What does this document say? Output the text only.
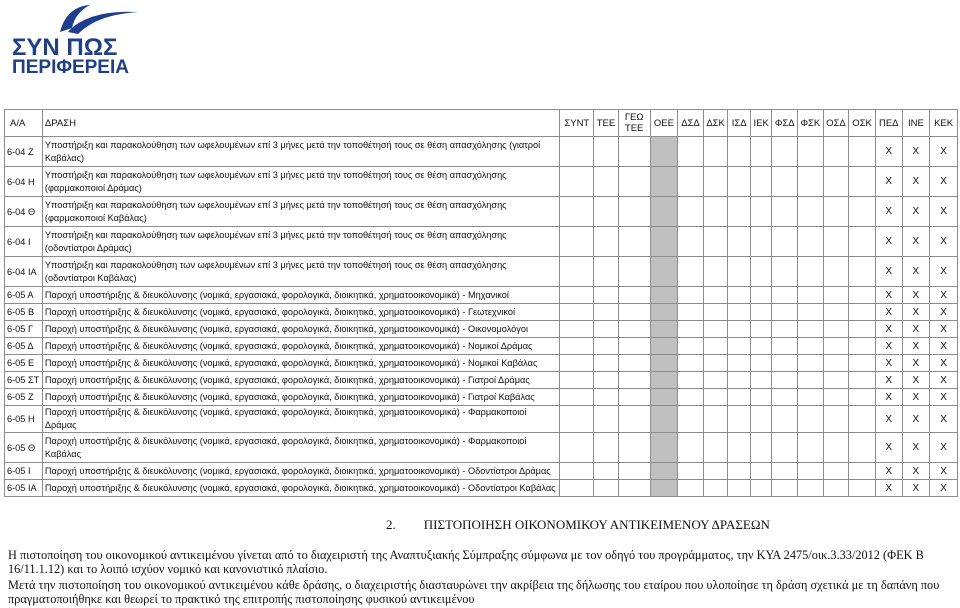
ΣΥΝ ΠΩΣ
ΠΕΡΙΦΕΡΕΙΑ
Α/Α	ΔΡΑΣΗ	ΣΥΝΤ	ΤΕΕ	ΓΕΩ ΤΕΕ	ΟΕΕ	ΔΣΔ	ΔΣΚ	ΙΣΔ	ΙΕΚ	ΦΣΔ	ΦΣΚ	ΟΣΔ	ΟΣΚ	ΠΕΔ	ΙΝΕ	ΚΕΚ
6-04 Ζ	Υποστήριξη και παρακολούθηση των ωφελουμένων επί 3 μήνες μετά την τοποθέτησή τους σε θέση απασχόλησης (γιατροί Καβάλας)													Χ	Χ	Χ
6-04 Η	Υποστήριξη και παρακολούθηση των ωφελουμένων επί 3 μήνες μετά την τοποθέτησή τους σε θέση απασχόλησης (φαρμακοποιοί Δράμας)													Χ	Χ	Χ
6-04 Θ	Υποστήριξη και παρακολούθηση των ωφελουμένων επί 3 μήνες μετά την τοποθέτησή τους σε θέση απασχόλησης (φαρμακοποιοί Καβάλας)													Χ	Χ	Χ
6-04 Ι	Υποστήριξη και παρακολούθηση των ωφελουμένων επί 3 μήνες μετά την τοποθέτησή τους σε θέση απασχόλησης (οδοντίατροι Δράμας)													Χ	Χ	Χ
6-04 ΙΑ	Υποστήριξη και παρακολούθηση των ωφελουμένων επί 3 μήνες μετά την τοποθέτησή τους σε θέση απασχόλησης (οδοντίατροι Καβάλας)													Χ	Χ	Χ
6-05 Α	Παροχή υποστήριξης & διευκόλυνσης (νομικά, εργασιακά, φορολογικά, διοικητικά, χρηματοοικονομικά) - Μηχανικοί													Χ	Χ	Χ
6-05 Β	Παροχή υποστήριξης & διευκόλυνσης (νομικά, εργασιακά, φορολογικά, διοικητικά, χρηματοοικονομικά) - Γεωτεχνικοί													Χ	Χ	Χ
6-05 Γ	Παροχή υποστήριξης & διευκόλυνσης (νομικά, εργασιακά, φορολογικά, διοικητικά, χρηματοοικονομικά) - Οικονομολόγοι													Χ	Χ	Χ
6-05 Δ	Παροχή υποστήριξης & διευκόλυνσης (νομικά, εργασιακά, φορολογικά, διοικητικά, χρηματοοικονομικά) - Νομικοί Δράμας													Χ	Χ	Χ
6-05 Ε	Παροχή υποστήριξης & διευκόλυνσης (νομικά, εργασιακά, φορολογικά, διοικητικά, χρηματοοικονομικά) - Νομικοί Καβάλας													Χ	Χ	Χ
6-05 ΣΤ	Παροχή υποστήριξης & διευκόλυνσης (νομικά, εργασιακά, φορολογικά, διοικητικά, χρηματοοικονομικά) - Γιατροί Δράμας													Χ	Χ	Χ
6-05 Ζ	Παροχή υποστήριξης & διευκόλυνσης (νομικά, εργασιακά, φορολογικά, διοικητικά, χρηματοοικονομικά) - Γιατροί Καβάλας													Χ	Χ	Χ
6-05 Η	Παροχή υποστήριξης & διευκόλυνσης (νομικά, εργασιακά, φορολογικά, διοικητικά, χρηματοοικονομικά) - Φαρμακοποιοί Δράμας													Χ	Χ	Χ
6-05 Θ	Παροχή υποστήριξης & διευκόλυνσης (νομικά, εργασιακά, φορολογικά, διοικητικά, χρηματοοικονομικά) - Φαρμακοποιοί Καβάλας													Χ	Χ	Χ
6-05 Ι	Παροχή υποστήριξης & διευκόλυνσης (νομικά, εργασιακά, φορολογικά, διοικητικά, χρηματοοικονομικά) - Οδοντίατροι Δράμας													Χ	Χ	Χ
6-05 ΙΑ	Παροχή υποστήριξης & διευκόλυνσης (νομικά, εργασιακά, φορολογικά, διοικητικά, χρηματοοικονομικά) - Οδοντίατροι Καβάλας													Χ	Χ	Χ
2. ΠΙΣΤΟΠΟΙΗΣΗ ΟΙΚΟΝΟΜΙΚΟΥ ΑΝΤΙΚΕΙΜΕΝΟΥ ΔΡΑΣΕΩΝ
Η πιστοποίηση του οικονομικού αντικειμένου γίνεται από το διαχειριστή της Αναπτυξιακής Σύμπραξης σύμφωνα με τον οδηγό του προγράμματος, την ΚΥΑ 2475/οικ.3.33/2012 (ΦΕΚ Β 16/11.1.12) και το λοιπό ισχύον νομικό και κανονιστικό πλαίσιο.
Μετά την πιστοποίηση του οικονομικού αντικειμένου κάθε δράσης, ο διαχειριστής διασταυρώνει την ακρίβεια της δήλωσης του εταίρου που υλοποίησε τη δράση σχετικά με τη δαπάνη που πραγματοποιήθηκε και θεωρεί το πρακτικό της επιτροπής πιστοποίησης φυσικού αντικειμένου
